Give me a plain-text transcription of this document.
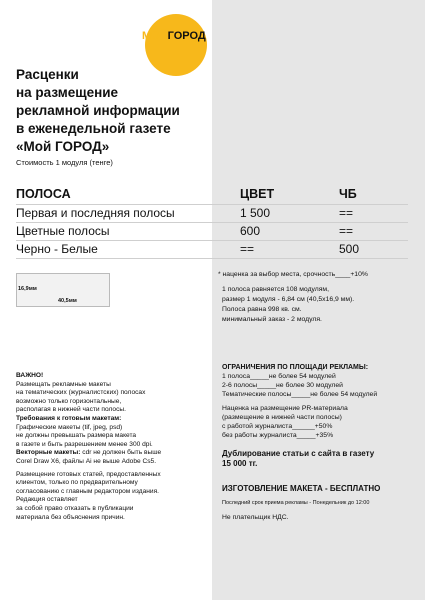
МОЙГОРОД
Расценки
на размещение
рекламной информации
в еженедельной газете
«Мой ГОРОД»
Стоимость 1 модуля (тенге)
ПОЛОСА	ЦВЕТ	ЧБ
Первая и последняя полосы	1 500	==
Цветные полосы	600	==
Черно - Белые	==	500
* наценка за выбор места, срочность____+10%
16,9мм
40,5мм
1 полоса равняется 108 модулям,
размер 1 модуля - 6,84 см (40,5х16,9 мм).
Полоса равна 998 кв. см.
минимальный заказ - 2 модуля.
ОГРАНИЧЕНИЯ ПО ПЛОЩАДИ РЕКЛАМЫ:
1 полоса_____не более 54 модулей
2-6 полосы_____не более 30 модулей
Тематические полосы_____не более 54 модулей
Наценка на размещение PR-материала
(размещение в нижней части полосы)
с работой журналиста______+50%
без работы журналиста_____+35%
Дублирование статьи с сайта в газету
15 000 тг.
ИЗГОТОВЛЕНИЕ МАКЕТА - БЕСПЛАТНО
Последний срок приема рекламы - Понедельник до 12:00
Не плательщик НДС.
ВАЖНО!
Размещать рекламные макеты
на тематических (журналистских) полосах
возможно только горизонтальные,
располагая в нижней части полосы.
Требования к готовым макетам:
Графические макеты (tif, jpeg, psd)
не должны превышать размера макета
в газете и быть разрешением менее 300 dpi.
Векторные макеты: cdr не должен быть выше
Corel Draw X6, файлы Ai не выше Adobe Cs5.
Размещение готовых статей, предоставленных
клиентом, только по предварительному
согласованию с главным редактором издания.
Редакция оставляет
за собой право отказать в публикации
материала без объяснения причин.
